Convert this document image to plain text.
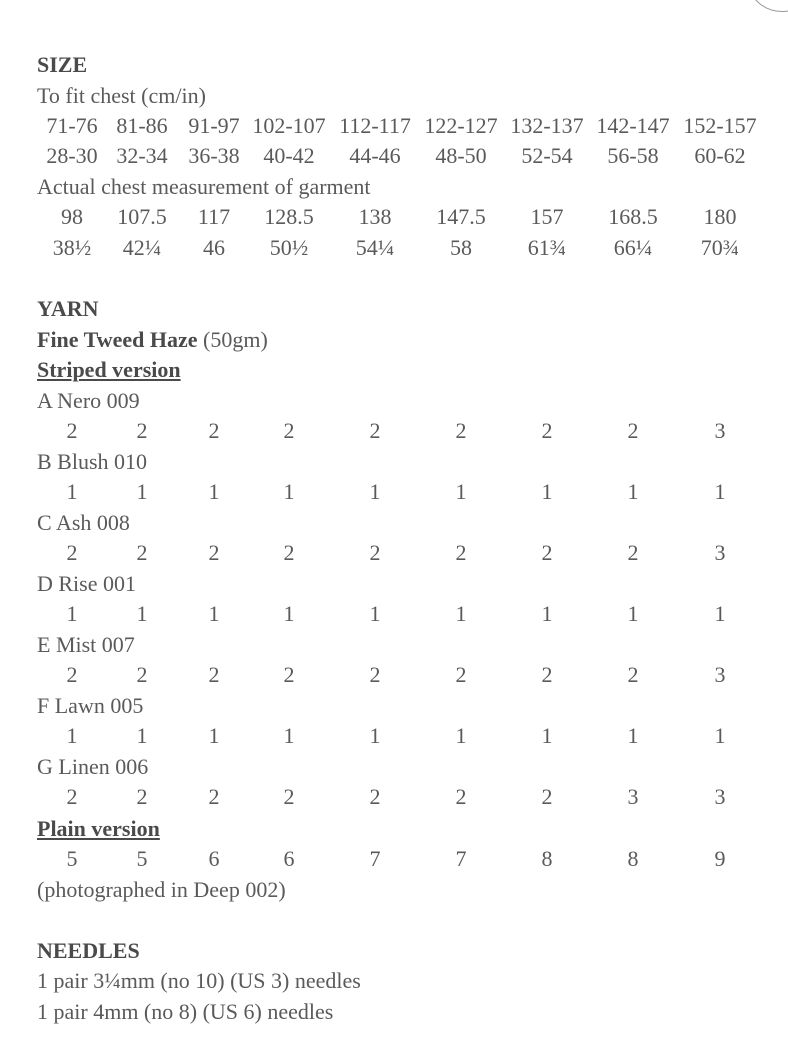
SIZE
To fit chest (cm/in)
71-76 81-86 91-97 102-107 112-117 122-127 132-137 142-147 152-157
28-30 32-34 36-38 40-42 44-46 48-50 52-54 56-58 60-62
Actual chest measurement of garment
98 107.5 117 128.5 138 147.5 157 168.5 180
38½ 42¼ 46 50½ 54¼	58	61¾ 66¼ 70¾
YARN
Fine Tweed Haze (50gm)
Striped version
A Nero 009
2	2	2	2	2	2	2	2	3
B Blush 010
1	1	1	1	1	1	1	1	1
C Ash 008
2	2	2	2	2	2	2	2	3
D Rise 001
1	1	1	1	1	1	1	1	1
E Mist 007
2	2	2	2	2	2	2	2	3
F Lawn 005
1	1	1	1	1	1	1	1	1
G Linen 006
2	2	2	2	2	2	2	3	3
Plain version
5	5	6	6	7	7	8	8	9
(photographed in Deep 002)
NEEDLES
1 pair 3¼mm (no 10) (US 3) needles
1 pair 4mm (no 8) (US 6) needles
